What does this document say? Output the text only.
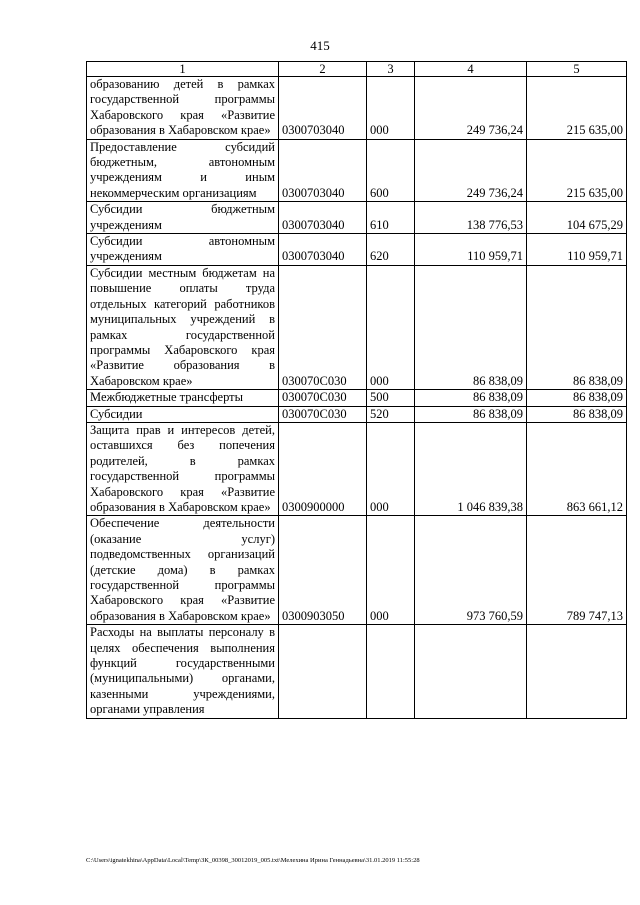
415
1	2	3	4	5
образованию детей в рамках государственной программы Хабаровского края «Развитие образования в Хабаровском крае»	0300703040	000	249 736,24	215 635,00
Предоставление субсидий бюджетным, автономным учреждениям и иным некоммерческим организациям	0300703040	600	249 736,24	215 635,00
Субсидии бюджетным учреждениям	0300703040	610	138 776,53	104 675,29
Субсидии автономным учреждениям	0300703040	620	110 959,71	110 959,71
Субсидии местным бюджетам на повышение оплаты труда отдельных категорий работников муниципальных учреждений в рамках государственной программы Хабаровского края «Развитие образования в Хабаровском крае»	030070С030	000	86 838,09	86 838,09
Межбюджетные трансферты	030070С030	500	86 838,09	86 838,09
Субсидии	030070С030	520	86 838,09	86 838,09
Защита прав и интересов детей, оставшихся без попечения родителей, в рамках государственной программы Хабаровского края «Развитие образования в Хабаровском крае»	0300900000	000	1 046 839,38	863 661,12
Обеспечение деятельности (оказание услуг) подведомственных организаций (детские дома) в рамках государственной программы Хабаровского края «Развитие образования в Хабаровском крае»	0300903050	000	973 760,59	789 747,13
Расходы на выплаты персоналу в целях обеспечения выполнения функций государственными (муниципальными) органами, казенными учреждениями, органами управления				
C:\Users\ignatekhina\AppData\Local\Temp\ЗК_00398_30012019_005.txt\Мелехина Ирина Геннадьевна\31.01.2019 11:55:28
